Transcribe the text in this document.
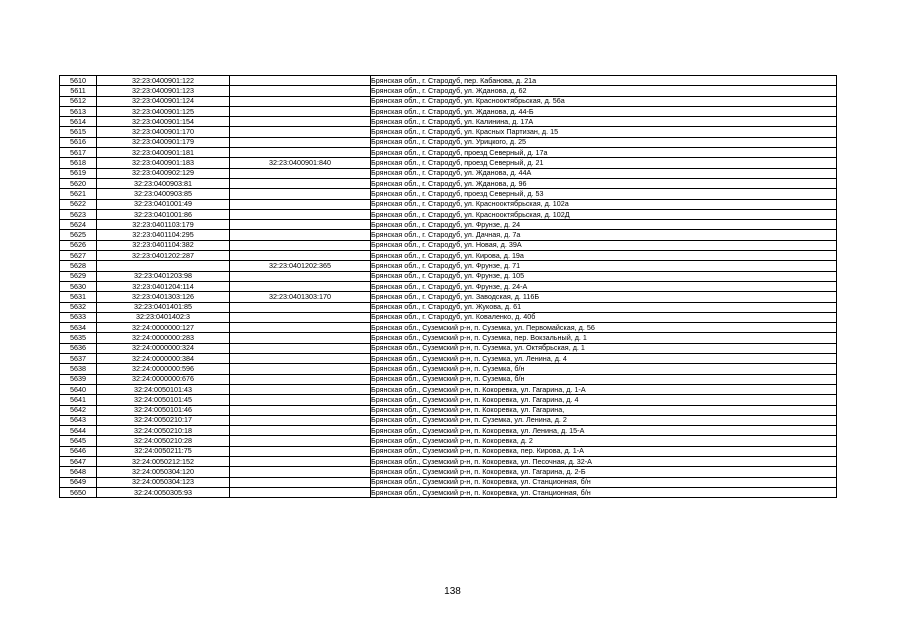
5610	32:23:0400901:122		Брянская обл., г. Стародуб, пер. Кабанова, д. 21а
5611	32:23:0400901:123		Брянская обл., г. Стародуб, ул. Жданова, д. 62
5612	32:23:0400901:124		Брянская обл., г. Стародуб, ул. Краснооктябрьская, д. 56а
5613	32:23:0400901:125		Брянская обл., г. Стародуб, ул. Жданова, д. 44-Б
5614	32:23:0400901:154		Брянская обл., г. Стародуб, ул. Калинина, д. 17А
5615	32:23:0400901:170		Брянская обл., г. Стародуб, ул. Красных Партизан, д. 15
5616	32:23:0400901:179		Брянская обл., г. Стародуб, ул. Урицкого, д. 25
5617	32:23:0400901:181		Брянская обл., г. Стародуб, проезд Северный, д. 17а
5618	32:23:0400901:183	32:23:0400901:840	Брянская обл., г. Стародуб, проезд Северный, д. 21
5619	32:23:0400902:129		Брянская обл., г. Стародуб, ул. Жданова, д. 44А
5620	32:23:0400903:81		Брянская обл., г. Стародуб, ул. Жданова, д. 96
5621	32:23:0400903:85		Брянская обл., г. Стародуб, проезд Северный, д. 53
5622	32:23:0401001:49		Брянская обл., г. Стародуб, ул. Краснооктябрьская, д. 102а
5623	32:23:0401001:86		Брянская обл., г. Стародуб, ул. Краснооктябрьская, д. 102Д
5624	32:23:0401103:179		Брянская обл., г. Стародуб, ул. Фрунзе, д. 24
5625	32:23:0401104:295		Брянская обл., г. Стародуб, ул. Дачная, д. 7а
5626	32:23:0401104:382		Брянская обл., г. Стародуб, ул. Новая, д. 39А
5627	32:23:0401202:287		Брянская обл., г. Стародуб, ул. Кирова, д. 19а
5628		32:23:0401202:365	Брянская обл., г. Стародуб, ул. Фрунзе, д. 71
5629	32:23:0401203:98		Брянская обл., г. Стародуб, ул. Фрунзе, д. 105
5630	32:23:0401204:114		Брянская обл., г. Стародуб, ул. Фрунзе, д. 24-А
5631	32:23:0401303:126	32:23:0401303:170	Брянская обл., г. Стародуб, ул. Заводская, д. 116Б
5632	32:23:0401401:85		Брянская обл., г. Стародуб, ул. Жукова, д. 61
5633	32:23:0401402:3		Брянская обл., г. Стародуб, ул. Коваленко, д. 40б
5634	32:24:0000000:127		Брянская обл., Суземский р-н, п. Суземка, ул. Первомайская, д. 56
5635	32:24:0000000:283		Брянская обл., Суземский р-н, п. Суземка, пер. Вокзальный, д. 1
5636	32:24:0000000:324		Брянская обл., Суземский р-н, п. Суземка, ул. Октябрьская, д. 1
5637	32:24:0000000:384		Брянская обл., Суземский р-н, п. Суземка, ул. Ленина, д. 4
5638	32:24:0000000:596		Брянская обл., Суземский р-н, п. Суземка, б/н
5639	32:24:0000000:676		Брянская обл., Суземский р-н, п. Суземка, б/н
5640	32:24:0050101:43		Брянская обл., Суземский р-н, п. Кокоревка, ул. Гагарина, д. 1-А
5641	32:24:0050101:45		Брянская обл., Суземский р-н, п. Кокоревка, ул. Гагарина, д. 4
5642	32:24:0050101:46		Брянская обл., Суземский р-н, п. Кокоревка, ул. Гагарина,
5643	32:24:0050210:17		Брянская обл., Суземский р-н, п. Суземка, ул. Ленина, д. 2
5644	32:24:0050210:18		Брянская обл., Суземский р-н, п. Кокоревка, ул. Ленина, д. 15-А
5645	32:24:0050210:28		Брянская обл., Суземский р-н, п. Кокоревка, д. 2
5646	32:24:0050211:75		Брянская обл., Суземский р-н, п. Кокоревка, пер. Кирова, д. 1-А
5647	32:24:0050212:152		Брянская обл., Суземский р-н, п. Кокоревка, ул. Песочная, д. 32-А
5648	32:24:0050304:120		Брянская обл., Суземский р-н, п. Кокоревка, ул. Гагарина, д. 2-Б
5649	32:24:0050304:123		Брянская обл., Суземский р-н, п. Кокоревка, ул. Станционная, б/н
5650	32:24:0050305:93		Брянская обл., Суземский р-н, п. Кокоревка, ул. Станционная, б/н
138
